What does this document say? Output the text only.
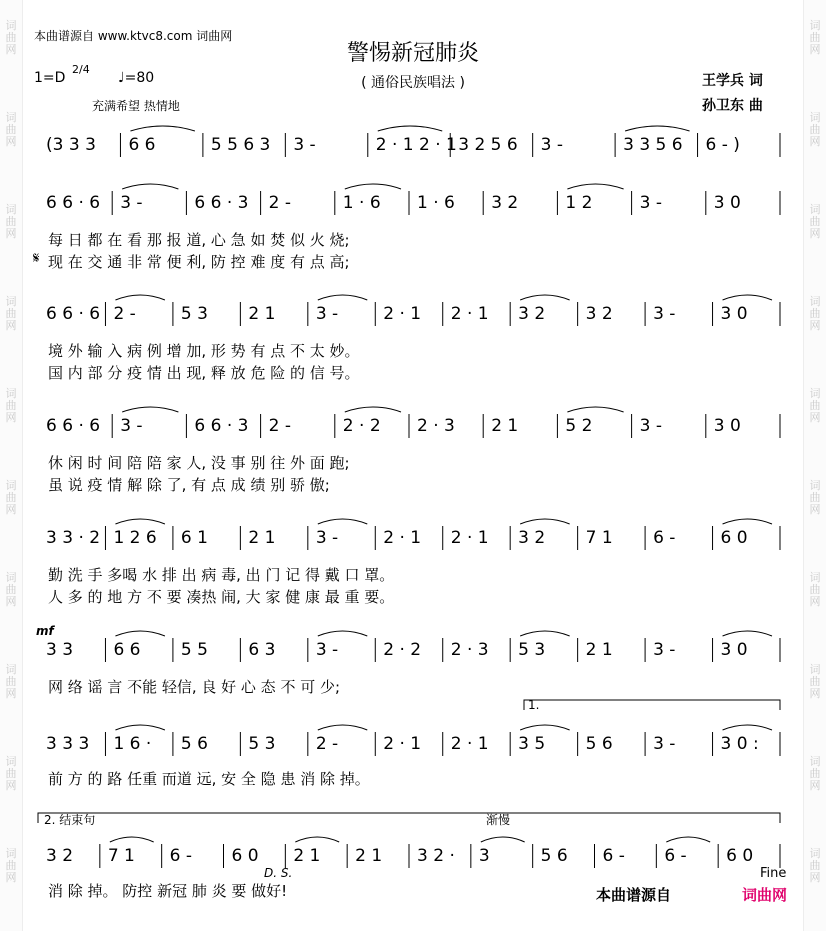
词
曲
网
词
曲
网
词
曲
网
词
曲
网
词
曲
网
词
曲
网
词
曲
网
词
曲
网
词
曲
网
词
曲
网
词
曲
网
词
曲
网
词
曲
网
词
曲
网
词
曲
网
词
曲
网
词
曲
网
词
曲
网
词
曲
网
词
曲
网
本曲谱源自 www.ktvc8.com 词曲网
警惕新冠肺炎
( 通俗民族唱法 )
1=D
2/4
♩=80
充满希望 热情地
王学兵 词
孙卫东 曲
(3 3 3 6 6	5 5 6 3 3 -	2 · 1 2 · 1 3 2 5 6 3 -	3 3 5 6 6 - )
6 6 · 6 3 -	6 6 · 3 2 -	1 · 6 1 · 6 3 2	1 2	3 -	3 0
每 日 都 在 看 那 报 道, 心 急 如 焚 似 火 烧;
现 在 交 通 非 常 便 利, 防 控 难 度 有 点 高;
6 6 · 6 2 -	5 3 2 1 3 -	2 · 1 2 · 1 3 2 3 2 3 -	3 0
境 外 输 入 病 例 增 加, 形 势 有 点 不 太 妙。
国 内 部 分 疫 情 出 现, 释 放 危 险 的 信 号。
6 6 · 6 3 -	6 6 · 3 2 -	2 · 2 2 · 3 2 1	5 2	3 -	3 0
休 闲 时 间 陪 陪 家 人, 没 事 别 往 外 面 跑;
虽 说 疫 情 解 除 了, 有 点 成 绩 别 骄 傲;
3 3 · 2 1 2 6 6 1 2 1 3 -	2 · 1 2 · 1 3 2 7 1 6 -	6 0
勤 洗 手 多喝 水 排 出 病 毒, 出 门 记 得 戴 口 罩。
人 多 的 地 方 不 要 凑热 闹, 大 家 健 康 最 重 要。
3 3 6 6 5 5 6 3 3 -	2 · 2 2 · 3 5 3 2 1 3 -	3 0
网 络 谣 言 不能 轻信, 良 好 心 态 不 可 少;
3 3 3 1 6 · 5 6 5 3 2 -	2 · 1 2 · 1 3 5 5 6 3 -	3 0 :
前 方 的 路 任重 而道 远, 安 全 隐 患 消 除 掉。
3 2 7 1 6 - 6 0 2 1 2 1 3 2 · 3	5 6 6 - 6 - 6 0
消 除 掉。 防控 新冠 肺 炎 要 做好!
mf
1.
2. 结束句	渐慢
D. S.	Fine
𝄋
本曲谱源自	词曲网
